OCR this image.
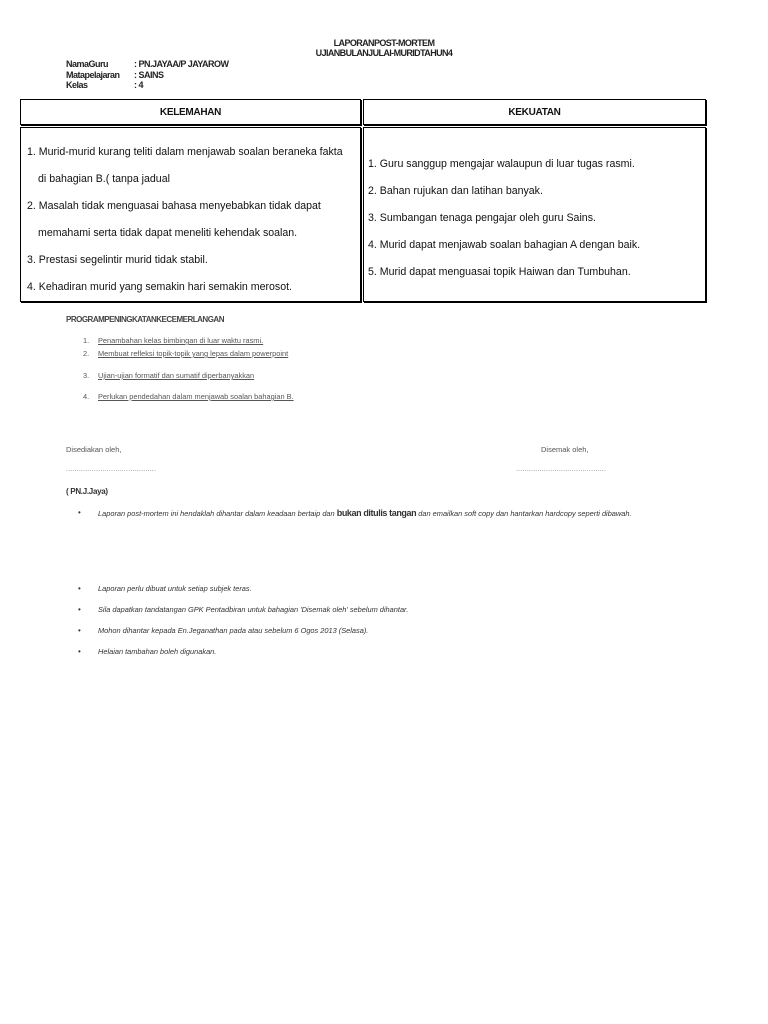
LAPORANPOST-MORTEM
UJIANBULANJULAI-MURIDTAHUN4
NamaGuru	: PN.JAYAA/P JAYAROW
Matapelajaran	: SAINS
Kelas	: 4
KELEMAHAN	KEKUATAN
1. Murid-murid kurang teliti dalam menjawab soalan beraneka fakta
di bahagian B.( tanpa jadual
2. Masalah tidak menguasai bahasa menyebabkan tidak dapat
memahami serta tidak dapat meneliti kehendak soalan.
3. Prestasi segelintir murid tidak stabil.
4. Kehadiran murid yang semakin hari semakin merosot.
1. Guru sanggup mengajar walaupun di luar tugas rasmi.
2. Bahan rujukan dan latihan banyak.
3. Sumbangan tenaga pengajar oleh guru Sains.
4. Murid dapat menjawab soalan bahagian A dengan baik.
5. Murid dapat menguasai topik Haiwan dan Tumbuhan.
PROGRAMPENINGKATANKECEMERLANGAN
1.	Penambahan kelas bimbingan di luar waktu rasmi.
2.	Membuat refleksi topik-topik yang lepas dalam powerpoint
3.	Ujian-ujian formatif dan sumatif diperbanyakkan
4.	Perlukan pendedahan dalam menjawab soalan bahagian B.
Disediakan oleh,	Disemak oleh,
..........................................	..........................................
( PN.J.Jaya)
•	Laporan post-mortem ini hendaklah dihantar dalam keadaan bertaip dan bukan ditulis tangan dan emailkan soft copy dan hantarkan hardcopy seperti dibawah.
•	Laporan perlu dibuat untuk setiap subjek teras.
•	Sila dapatkan tandatangan GPK Pentadbiran untuk bahagian 'Disemak oleh' sebelum dihantar.
•	Mohon dihantar kepada En.Jeganathan pada atau sebelum 6 Ogos 2013 (Selasa).
•	Helaian tambahan boleh digunakan.
